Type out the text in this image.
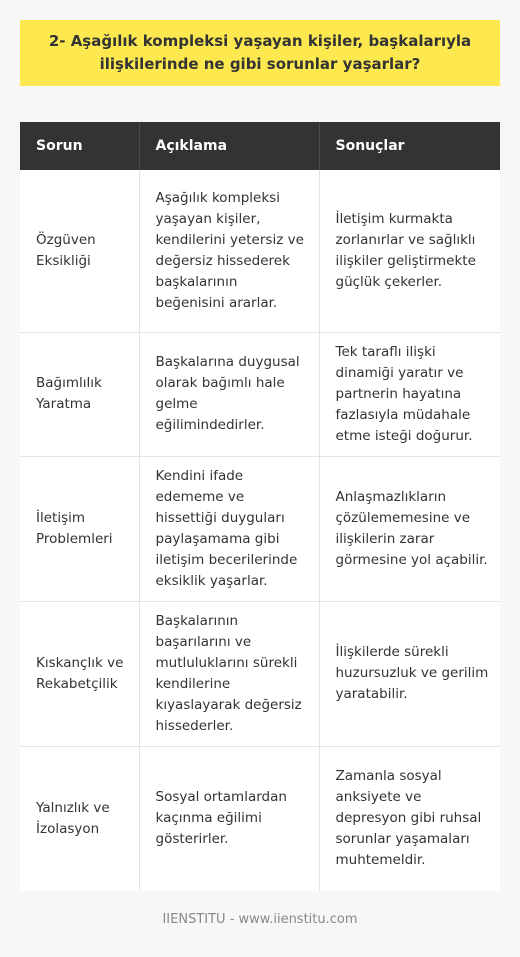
2- Aşağılık kompleksi yaşayan kişiler, başkalarıyla ilişkilerinde ne gibi sorunlar yaşarlar?
Sorun	Açıklama	Sonuçlar
Özgüven Eksikliği	Aşağılık kompleksi yaşayan kişiler, kendilerini yetersiz ve değersiz hissederek başkalarının beğenisini ararlar.	İletişim kurmakta zorlanırlar ve sağlıklı ilişkiler geliştirmekte güçlük çekerler.
Bağımlılık Yaratma	Başkalarına duygusal olarak bağımlı hale gelme eğilimindedirler.	Tek taraflı ilişki dinamiği yaratır ve partnerin hayatına fazlasıyla müdahale etme isteği doğurur.
İletişim Problemleri	Kendini ifade edememe ve hissettiği duyguları paylaşamama gibi iletişim becerilerinde eksiklik yaşarlar.	Anlaşmazlıkların çözülememesine ve ilişkilerin zarar görmesine yol açabilir.
Kıskançlık ve Rekabetçilik	Başkalarının başarılarını ve mutluluklarını sürekli kendilerine kıyaslayarak değersiz hissederler.	İlişkilerde sürekli huzursuzluk ve gerilim yaratabilir.
Yalnızlık ve İzolasyon	Sosyal ortamlardan kaçınma eğilimi gösterirler.	Zamanla sosyal anksiyete ve depresyon gibi ruhsal sorunlar yaşamaları muhtemeldir.
IIENSTITU - www.iienstitu.com
